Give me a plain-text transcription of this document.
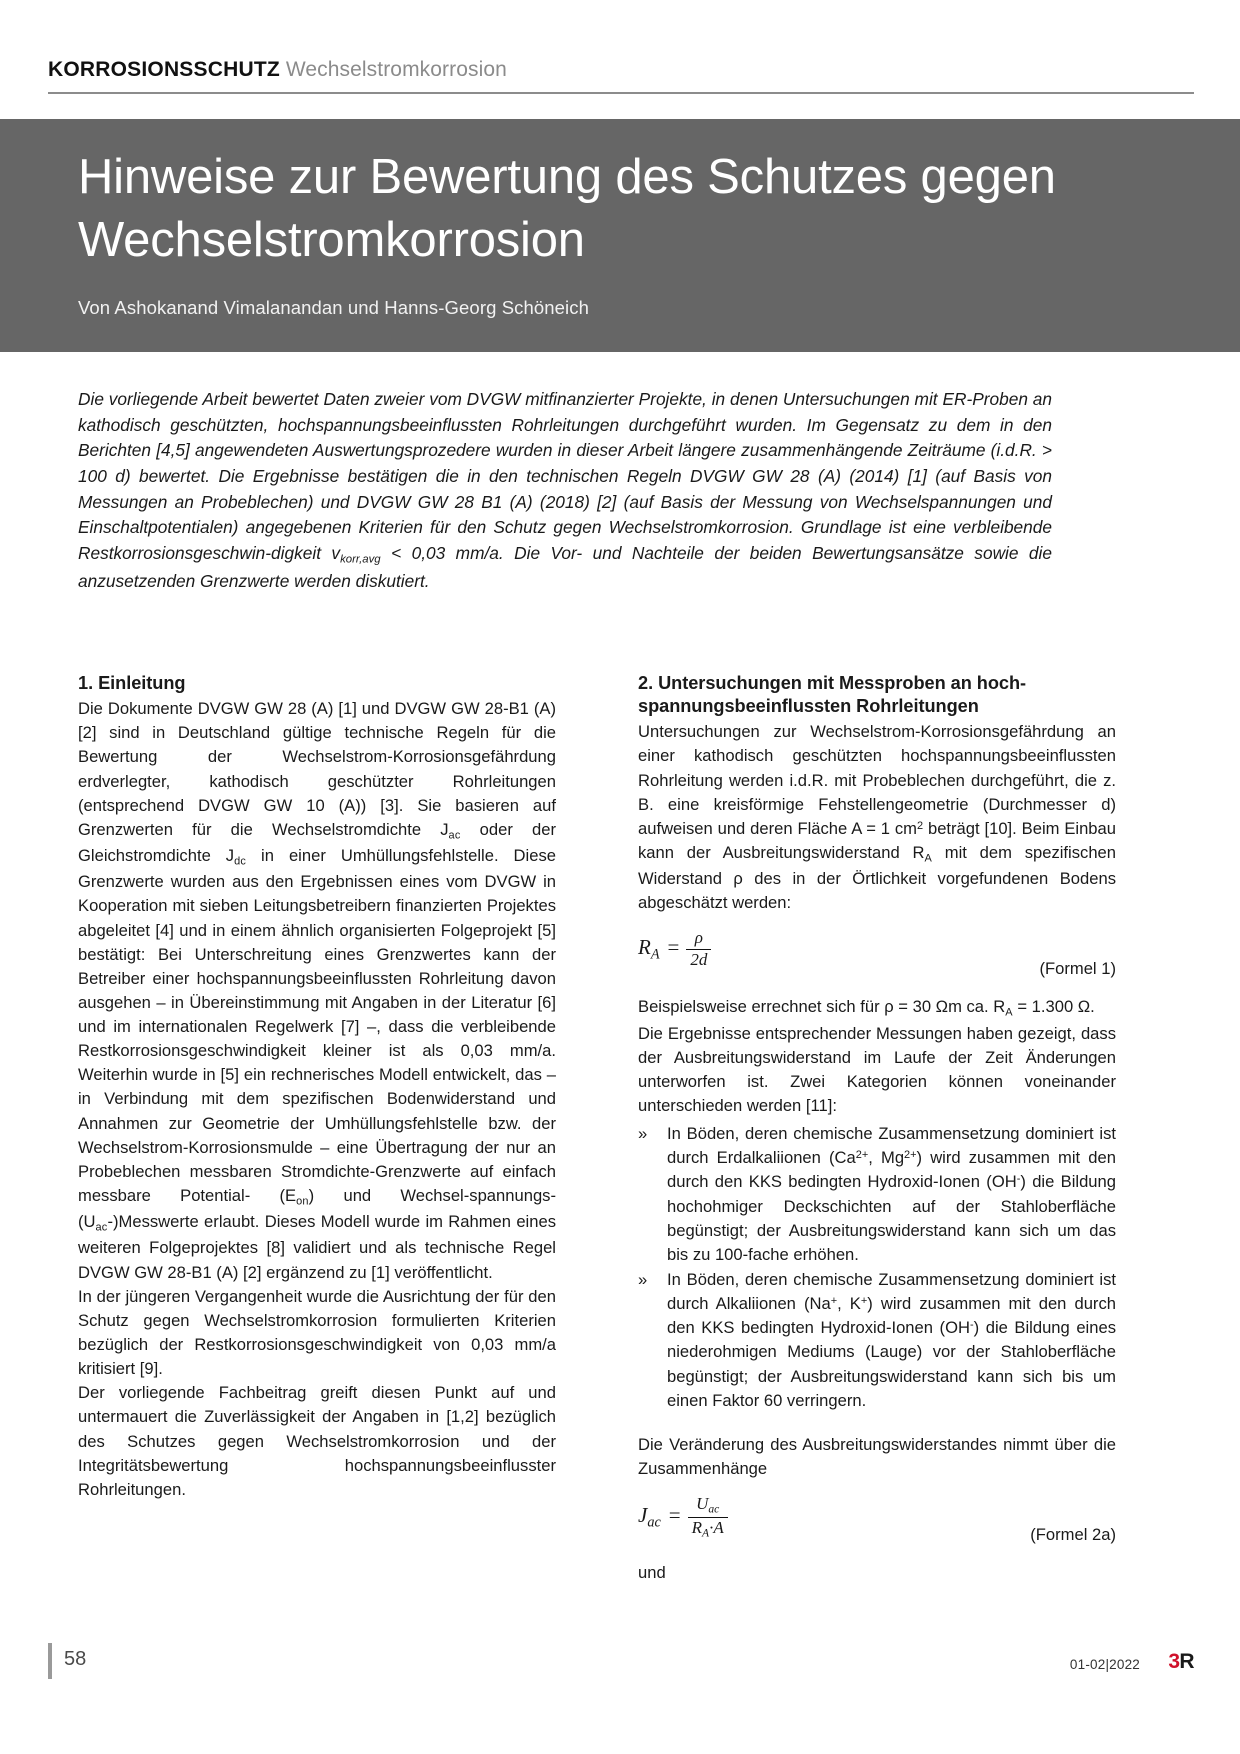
KORROSIONSSCHUTZ Wechselstromkorrosion
Hinweise zur Bewertung des Schutzes gegen Wechselstromkorrosion
Von Ashokanand Vimalanandan und Hanns-Georg Schöneich
Die vorliegende Arbeit bewertet Daten zweier vom DVGW mitfinanzierter Projekte, in denen Untersuchungen mit ER-Proben an kathodisch geschützten, hochspannungsbeeinflussten Rohrleitungen durchgeführt wurden. Im Gegensatz zu dem in den Berichten [4,5] angewendeten Auswertungsprozedere wurden in dieser Arbeit längere zusammenhängende Zeiträume (i.d.R. > 100 d) bewertet. Die Ergebnisse bestätigen die in den technischen Regeln DVGW GW 28 (A) (2014) [1] (auf Basis von Messungen an Probeblechen) und DVGW GW 28 B1 (A) (2018) [2] (auf Basis der Messung von Wechselspannungen und Einschaltpotentialen) angegebenen Kriterien für den Schutz gegen Wechselstromkorrosion. Grundlage ist eine verbleibende Restkorrosionsgeschwin-digkeit $v_{korr,avg} < 0,03$ mm/a. Die Vor- und Nachteile der beiden Bewertungsansätze sowie die anzusetzenden Grenzwerte werden diskutiert.
1. Einleitung

Die Dokumente DVGW GW 28 (A) [1] und DVGW GW 28-B1 (A) [2] sind in Deutschland gültige technische Regeln für die Bewertung der Wechselstrom-Korrosionsgefährdung erdverlegter, kathodisch geschützter Rohrleitungen (entsprechend DVGW GW 10 (A)) [3]. Sie basieren auf Grenzwerten für die Wechselstromdichte $J_{ac}$ oder der Gleichstromdichte $J_{dc}$ in einer Umhüllungsfehlstelle. Diese Grenzwerte wurden aus den Ergebnissen eines vom DVGW in Kooperation mit sieben Leitungsbetreibern finanzierten Projektes abgeleitet [4] und in einem ähnlich organisierten Folgeprojekt [5] bestätigt: Bei Unterschreitung eines Grenzwertes kann der Betreiber einer hochspannungsbeeinflussten Rohrleitung davon ausgehen – in Übereinstimmung mit Angaben in der Literatur [6] und im internationalen Regelwerk [7] –, dass die verbleibende Restkorrosionsgeschwindigkeit kleiner ist als 0,03 mm/a. Weiterhin wurde in [5] ein rechnerisches Modell entwickelt, das – in Verbindung mit dem spezifischen Bodenwiderstand und Annahmen zur Geometrie der Umhüllungsfehlstelle bzw. der Wechselstrom-Korrosionsmulde – eine Übertragung der nur an Probeblechen messbaren Stromdichte-Grenzwerte auf einfach messbare Potential- $(E_{on})$ und Wechsel-$spannungs-(U_{ac}-)Messwerte$ erlaubt. Dieses Modell wurde im Rahmen eines weiteren Folgeprojektes [8] validiert und als technische Regel DVGW GW 28-B1 (A) [2] ergänzend zu [1] veröffentlicht.

In der jüngeren Vergangenheit wurde die Ausrichtung der für den Schutz gegen Wechselstromkorrosion formulierten Kriterien bezüglich der Restkorrosionsgeschwindigkeit von 0,03 mm/a kritisiert [9].

Der vorliegende Fachbeitrag greift diesen Punkt auf und untermauert die Zuverlässigkeit der Angaben in [1,2] bezüglich des Schutzes gegen Wechselstromkorrosion und der Integritätsbewertung hochspannungsbeeinflusster Rohrleitungen.

2. Untersuchungen mit Messproben an hoch-
spannungsbeeinflussten Rohrleitungen

Untersuchungen zur Wechselstrom-Korrosionsgefährdung an einer kathodisch geschützten hochspannungsbeeinflussten Rohrleitung werden i.d.R. mit Probeblechen durchgeführt, die z. B. eine kreisförmige Fehstellengeometrie (Durchmesser d) aufweisen und deren Fläche A = 1 $cm^2$ beträgt [10]. Beim Einbau kann der Ausbreitungswiderstand $R_A$ mit dem spezifischen Widerstand ρ des in der Örtlichkeit vorgefundenen Bodens abgeschätzt werden:

$R_A = \frac{\rho}{2d}$	(Formel 1)

Beispielsweise errechnet sich für ρ = 30 Ωm ca. $R_A = 1.300$ Ω.

Die Ergebnisse entsprechender Messungen haben gezeigt, dass der Ausbreitungswiderstand im Laufe der Zeit Änderungen unterworfen ist. Zwei Kategorien können voneinander unterschieden werden [11]:

» In Böden, deren chemische Zusammensetzung dominiert ist durch Erdalkaliionen ($Ca^{2+}$, $Mg^{2+}$) wird zusammen mit den durch den KKS bedingten Hydroxid-Ionen (OH-) die Bildung hochohmiger Deckschichten auf der Stahloberfläche begünstigt; der Ausbreitungswiderstand kann sich um das bis zu 100-fache erhöhen.
» In Böden, deren chemische Zusammensetzung dominiert ist durch Alkaliionen (Na+, K+) wird zusammen mit den durch den KKS bedingten Hydroxid-Ionen (OH-) die Bildung eines niederohmigen Mediums (Lauge) vor der Stahloberfläche begünstigt; der Ausbreitungswiderstand kann sich bis um einen Faktor 60 verringern.

Die Veränderung des Ausbreitungswiderstandes nimmt über die Zusammenhänge

$J_{ac} = \frac{U_{ac}}{R_A\cdot A}$	(Formel 2a)

und

58	01-02|2022 3R
